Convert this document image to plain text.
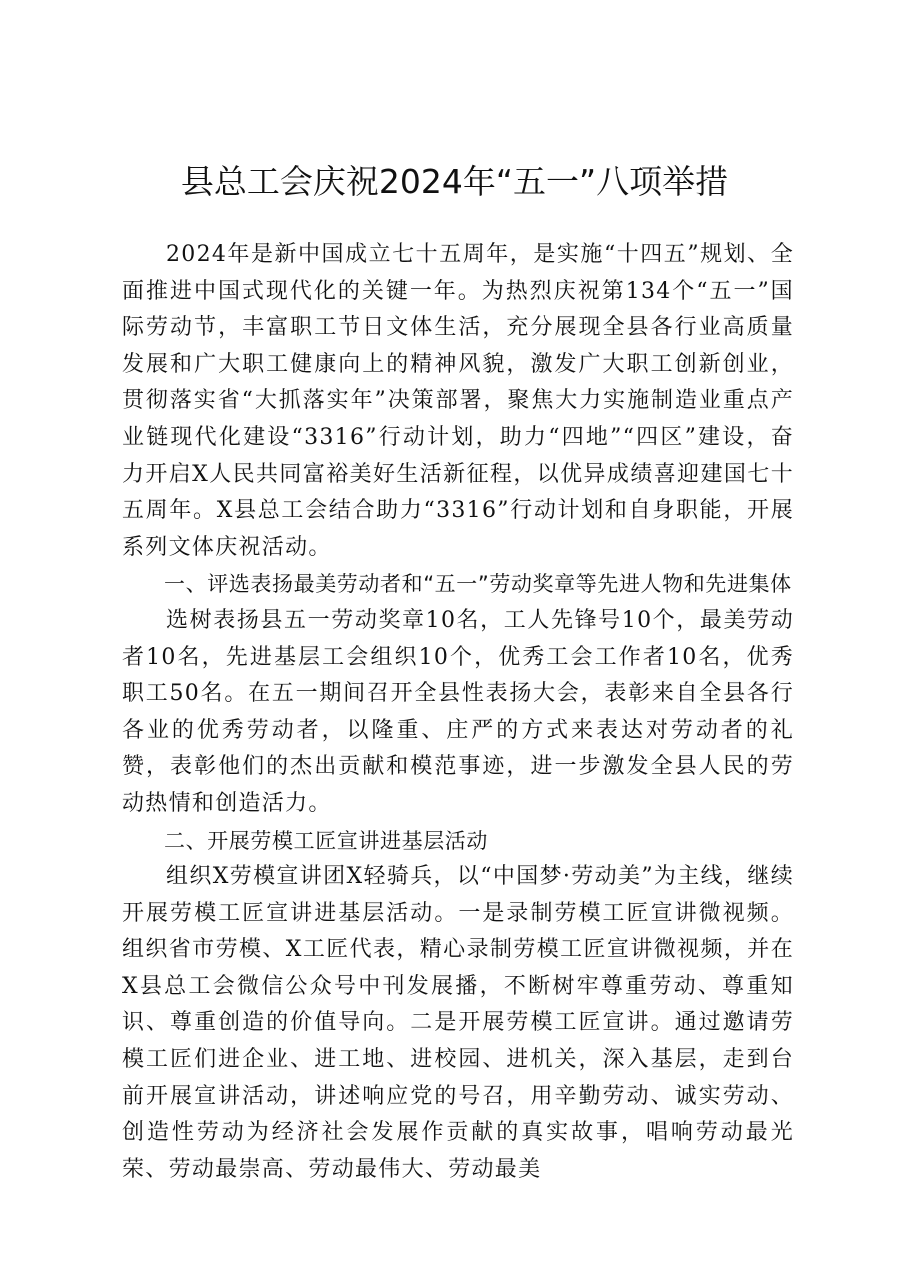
县总工会庆祝2024年“五一”八项举措

2024年是新中国成立七十五周年，是实施“十四五”规划、全面推进中国式现代化的关键一年。为热烈庆祝第134个“五一”国际劳动节，丰富职工节日文体生活，充分展现全县各行业高质量发展和广大职工健康向上的精神风貌，激发广大职工创新创业，贯彻落实省“大抓落实年”决策部署，聚焦大力实施制造业重点产业链现代化建设“3316”行动计划，助力“四地”“四区”建设，奋力开启X人民共同富裕美好生活新征程，以优异成绩喜迎建国七十五周年。X县总工会结合助力“3316”行动计划和自身职能，开展系列文体庆祝活动。

一、评选表扬最美劳动者和“五一”劳动奖章等先进人物和先进集体

选树表扬县五一劳动奖章10名，工人先锋号10个，最美劳动者10名，先进基层工会组织10个，优秀工会工作者10名，优秀职工50名。在五一期间召开全县性表扬大会，表彰来自全县各行各业的优秀劳动者，以隆重、庄严的方式来表达对劳动者的礼赞，表彰他们的杰出贡献和模范事迹，进一步激发全县人民的劳动热情和创造活力。

二、开展劳模工匠宣讲进基层活动

组织X劳模宣讲团X轻骑兵，以“中国梦·劳动美”为主线，继续开展劳模工匠宣讲进基层活动。一是录制劳模工匠宣讲微视频。组织省市劳模、X工匠代表，精心录制劳模工匠宣讲微视频，并在X县总工会微信公众号中刊发展播，不断树牢尊重劳动、尊重知识、尊重创造的价值导向。二是开展劳模工匠宣讲。通过邀请劳模工匠们进企业、进工地、进校园、进机关，深入基层，走到台前开展宣讲活动，讲述响应党的号召，用辛勤劳动、诚实劳动、创造性劳动为经济社会发展作贡献的真实故事，唱响劳动最光荣、劳动最崇高、劳动最伟大、劳动最美
